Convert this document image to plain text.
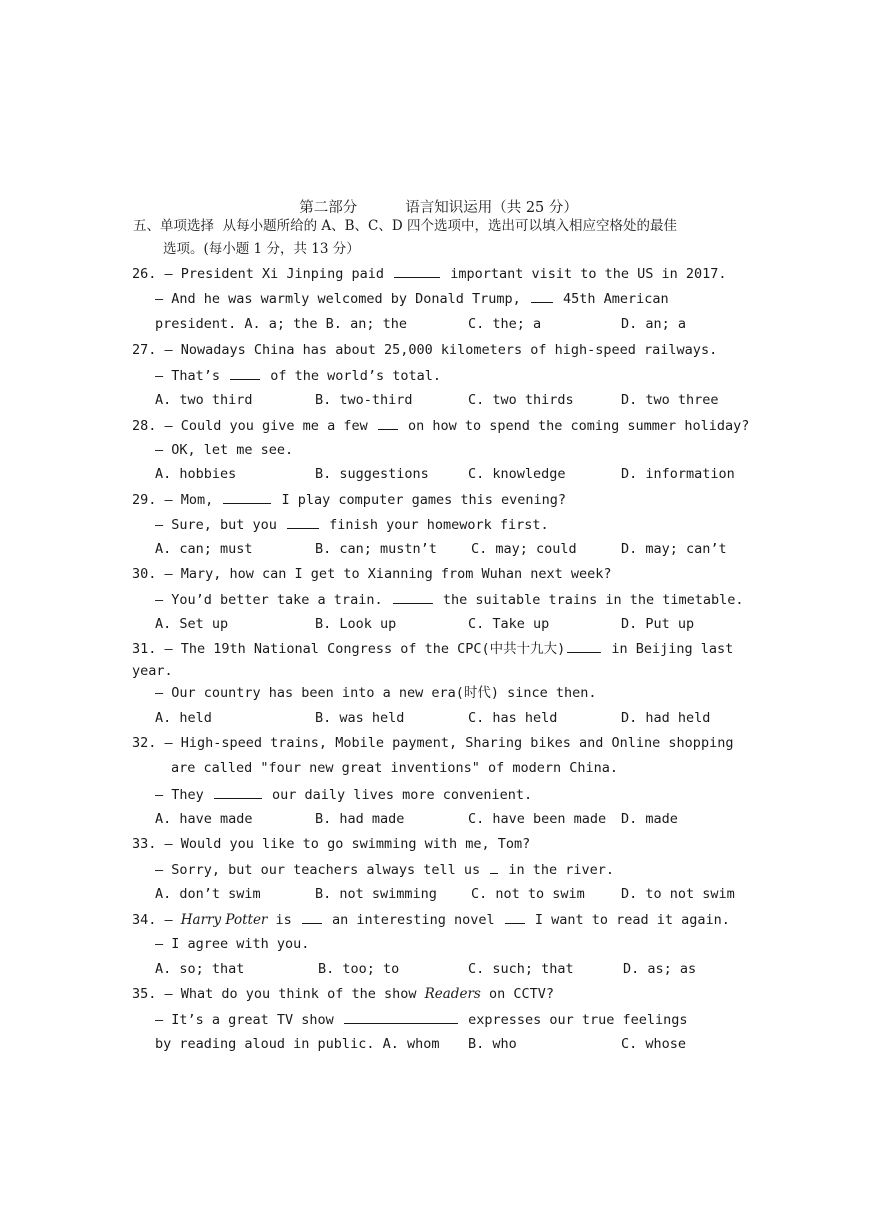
第二部分	语言知识运用（共 25 分）

五、单项选择  从每小题所给的 A、B、C、D 四个选项中，选出可以填入相应空格处的最佳
选项。(每小题 1 分，共 13 分）
26. — President Xi Jinping paid	important visit to the US in 2017.
— And he was warmly welcomed by Donald Trump,  45th American
president. A. a; the B. an; the	C. the; a	D. an; a
27. — Nowadays China has about 25,000 kilometers of high-speed railways.
— That’s	of the world’s total.
A. two third	B. two-third	C. two thirds	D. two three
28. — Could you give me a few  on how to spend the coming summer holiday?
— OK, let me see.
A. hobbies	B. suggestions	C. knowledge	D. information
29. — Mom,	I play computer games this evening?
— Sure, but you	finish your homework first.
A. can; must	B. can; mustn’t	C. may; could	D. may; can’t
30. — Mary, how can I get to Xianning from Wuhan next week?
— You’d better take a train.	the suitable trains in the timetable.
A. Set up	B. Look up	C. Take up	D. Put up
31. — The 19th National Congress of the CPC(中共十九大)	in Beijing last
year.
— Our country has been into a new era(时代) since then.
A. held	B. was held	C. has held	D. had held
32. — High-speed trains, Mobile payment, Sharing bikes and Online shopping
are called "four new great inventions" of modern China.
— They	our daily lives more convenient.
A. have made	B. had made	C. have been made D. made
33. — Would you like to go swimming with me, Tom?
— Sorry, but our teachers always tell us  in the river.
A. don’t swim	B. not swimming	C. not to swim	D. to not swim
34. — Harry Potter is  an interesting novel  I want to read it again.
— I agree with you.
A. so; that	B. too; to	C. such; that	D. as; as
35. — What do you think of the show Readers on CCTV?
— It’s a great TV show	expresses our true feelings
by reading aloud in public. A. whom B. who	C. whose
